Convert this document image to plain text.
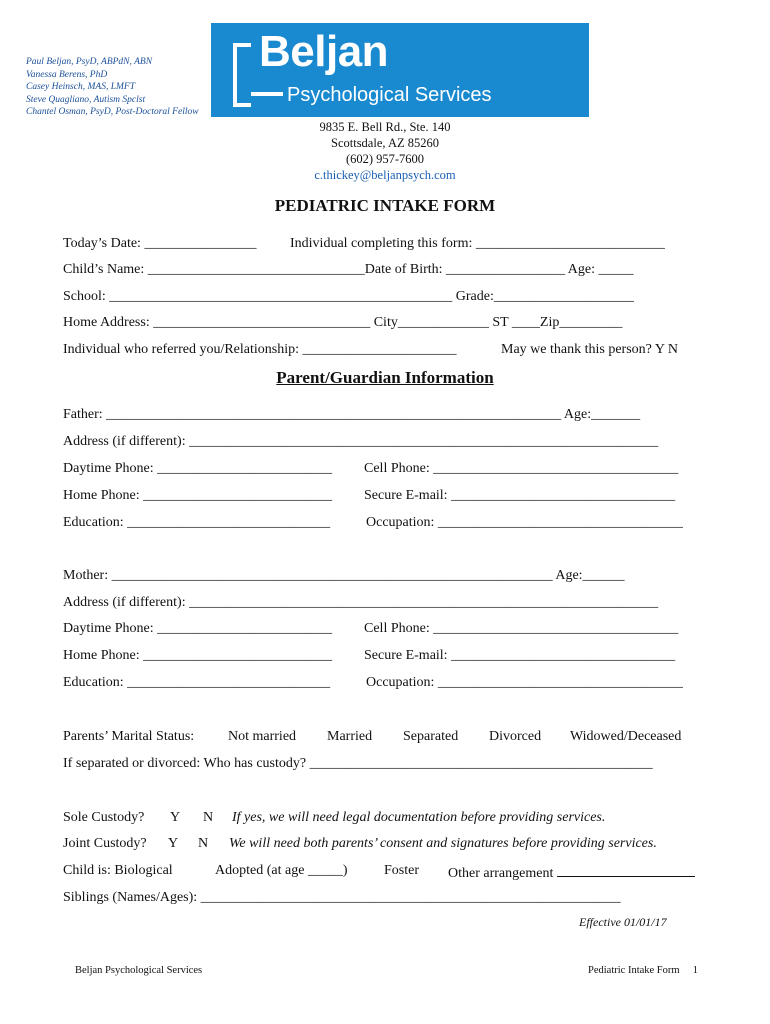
Paul Beljan, PsyD, ABPdN, ABN
Vanessa Berens, PhD
Casey Heinsch, MAS, LMFT
Steve Quagliano, Autism Spclst
Chantel Osman, PsyD, Post-Doctoral Fellow
Beljan
Psychological Services
9835 E. Bell Rd., Ste. 140
Scottsdale, AZ 85260
(602) 957-7600
c.thickey@beljanpsych.com
PEDIATRIC INTAKE FORM
Today’s Date: ________________ Individual completing this form: ___________________________
Child’s Name: _______________________________Date of Birth: _________________ Age: _____
School: _________________________________________________ Grade:____________________
Home Address: _______________________________ City_____________ ST ____Zip_________
Individual who referred you/Relationship: ______________________	May we thank this person? Y N
Parent/Guardian Information
Father: _________________________________________________________________ Age:_______
Address (if different): ___________________________________________________________________
Daytime Phone: _________________________ Cell Phone: ___________________________________
Home Phone: ___________________________ Secure E-mail: ________________________________
Education: _____________________________	Occupation: ___________________________________
Mother: _______________________________________________________________ Age:______
Address (if different): ___________________________________________________________________
Daytime Phone: _________________________ Cell Phone: ___________________________________
Home Phone: ___________________________ Secure E-mail: ________________________________
Education: _____________________________	Occupation: ___________________________________
Parents’ Marital Status: Not married Married Separated Divorced Widowed/Deceased
If separated or divorced: Who has custody? _________________________________________________
Sole Custody? Y N If yes, we will need legal documentation before providing services.
Joint Custody? Y N We will need both parents’ consent and signatures before providing services.
Child is: Biological	Adopted (at age _____)	Foster Other arrangement
Siblings (Names/Ages): ____________________________________________________________
Effective 01/01/17
Beljan Psychological Services	Pediatric Intake Form 1
